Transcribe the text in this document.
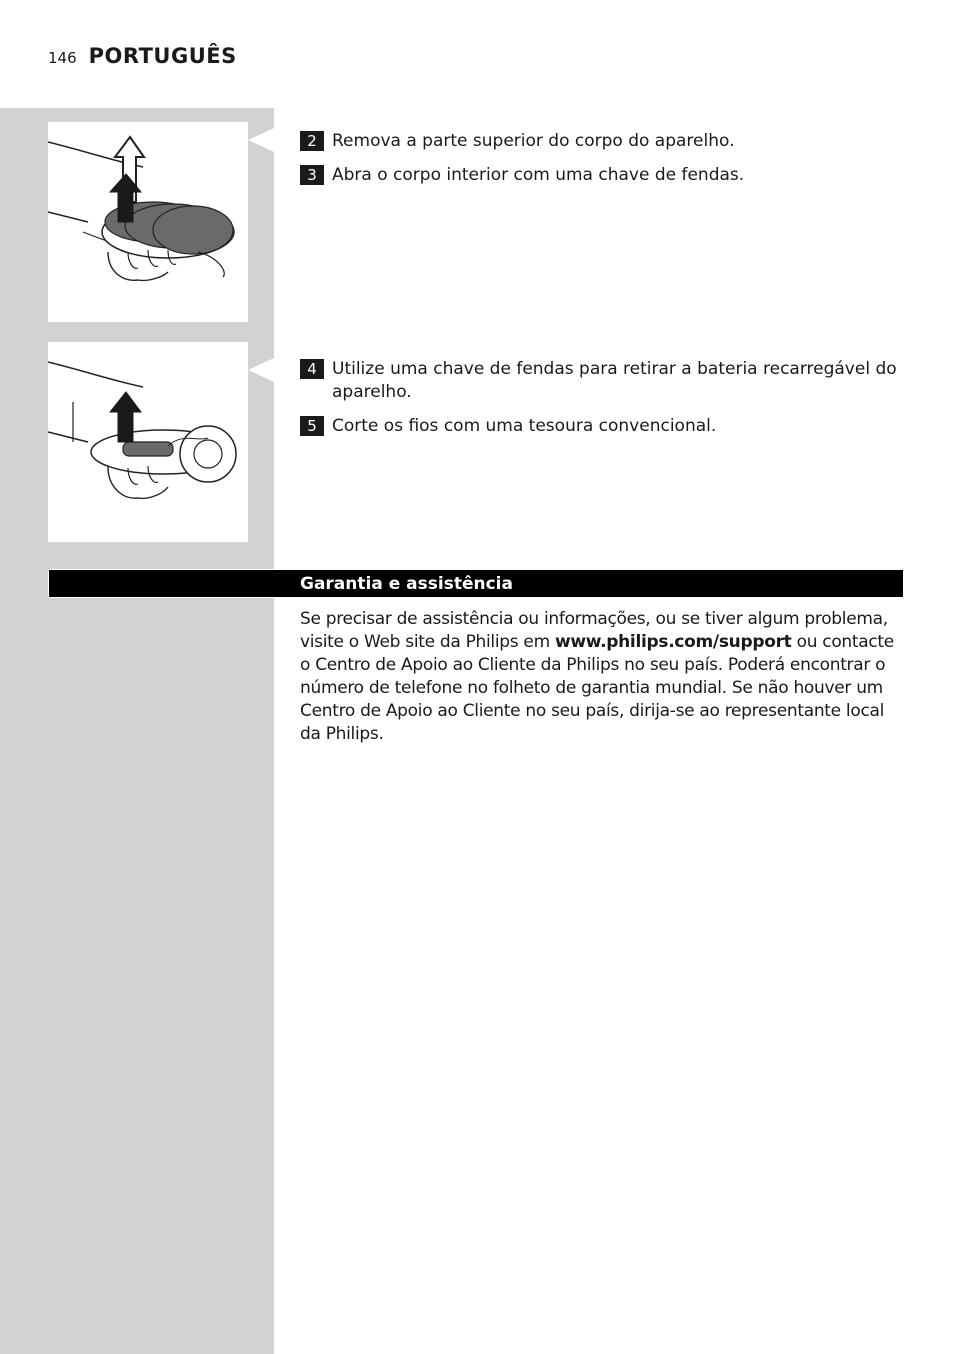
146 PORTUGUÊS
2 Remova a parte superior do corpo do aparelho.
3 Abra o corpo interior com uma chave de fendas.
4 Utilize uma chave de fendas para retirar a bateria recarregável do aparelho.
5 Corte os fios com uma tesoura convencional.
Garantia e assistência
Se precisar de assistência ou informações, ou se tiver algum problema, visite o Web site da Philips em www.philips.com/support ou contacte o Centro de Apoio ao Cliente da Philips no seu país. Poderá encontrar o número de telefone no folheto de garantia mundial. Se não houver um Centro de Apoio ao Cliente no seu país, dirija-se ao representante local da Philips.
